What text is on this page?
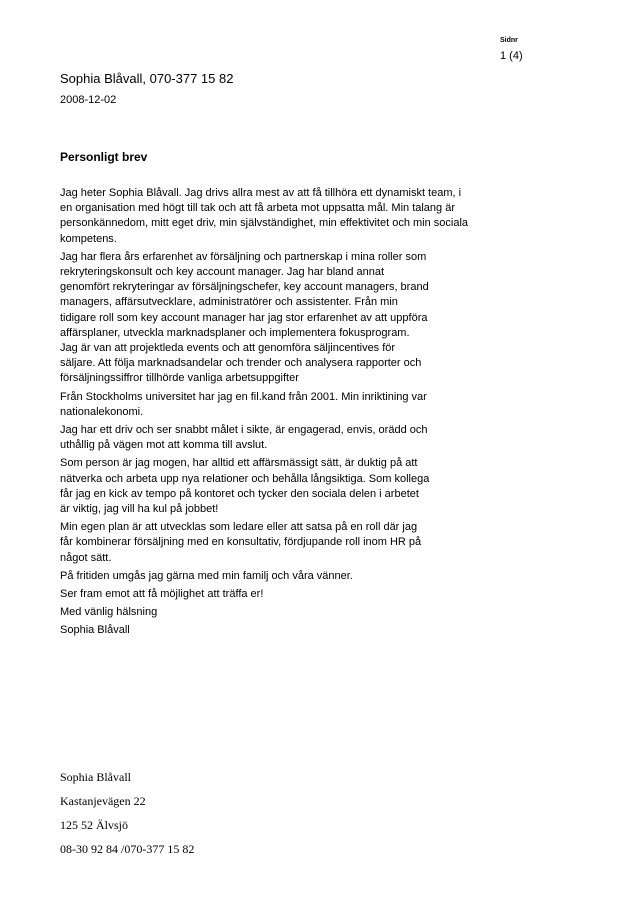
Sidnr
1 (4)
Sophia Blåvall, 070-377 15 82
2008-12-02
Personligt brev

Jag heter Sophia Blåvall. Jag drivs allra mest av att få tillhöra ett dynamiskt team, i
en organisation med högt till tak och att få arbeta mot uppsatta mål. Min talang är
personkännedom, mitt eget driv, min självständighet, min effektivitet och min sociala
kompetens.

Jag har flera års erfarenhet av försäljning och partnerskap i mina roller som
rekryteringskonsult och key account manager. Jag har bland annat
genomfört rekryteringar av försäljningschefer, key account managers, brand
managers, affärsutvecklare, administratörer och assistenter. Från min
tidigare roll som key account manager har jag stor erfarenhet av att uppföra
affärsplaner, utveckla marknadsplaner och implementera fokusprogram.
Jag är van att projektleda events och att genomföra säljincentives för
säljare. Att följa marknadsandelar och trender och analysera rapporter och
försäljningssiffror tillhörde vanliga arbetsuppgifter

Från Stockholms universitet har jag en fil.kand från 2001. Min inriktining var
nationalekonomi.

Jag har ett driv och ser snabbt målet i sikte, är engagerad, envis, orädd och
uthållig på vägen mot att komma till avslut.

Som person är jag mogen, har alltid ett affärsmässigt sätt, är duktig på att
nätverka och arbeta upp nya relationer och behålla långsiktiga. Som kollega
får jag en kick av tempo på kontoret och tycker den sociala delen i arbetet
är viktig, jag vill ha kul på jobbet!

Min egen plan är att utvecklas som ledare eller att satsa på en roll där jag
får kombinerar försäljning med en konsultativ, fördjupande roll inom HR på
något sätt.

På fritiden umgås jag gärna med min familj och våra vänner.

Ser fram emot att få möjlighet att träffa er!

Med vänlig hälsning

Sophia Blåvall

Sophia Blåvall
Kastanjevägen 22
125 52 Älvsjö
08-30 92 84 /070-377 15 82
